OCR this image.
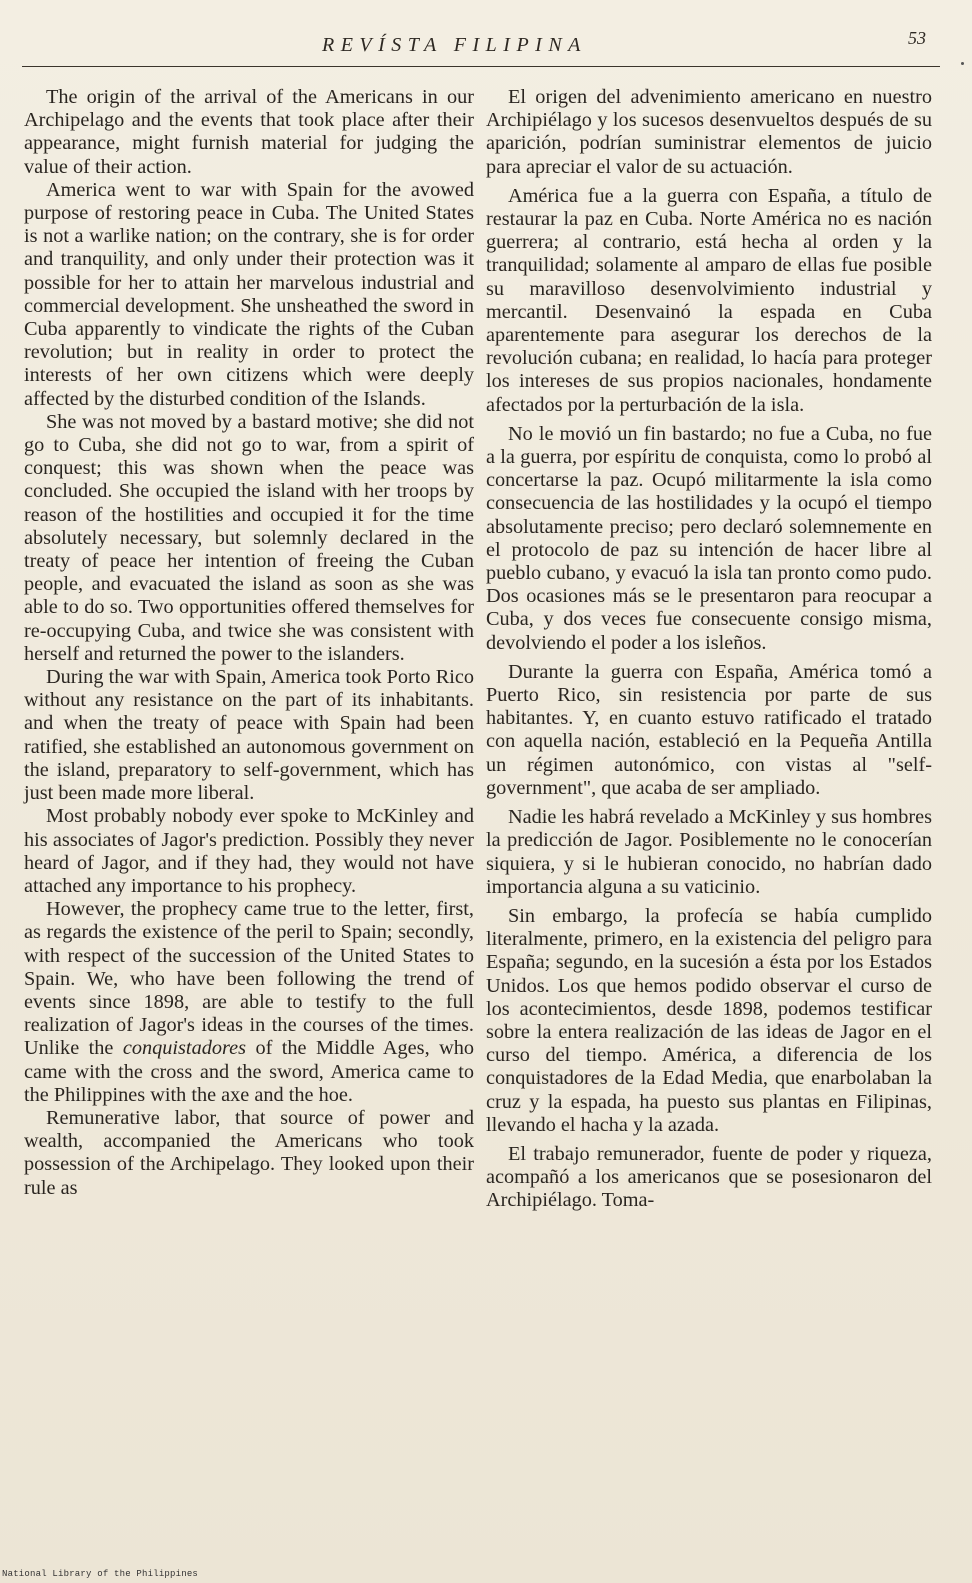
REVÍSTA FILIPINA	53

The origin of the arrival of the Americans in our Archipelago and the events that took place after their appearance, might furnish material for judging the value of their action.

America went to war with Spain for the avowed purpose of restoring peace in Cuba. The United States is not a warlike nation; on the contrary, she is for order and tranquility, and only under their protection was it possible for her to attain her marvelous industrial and commercial development. She unsheathed the sword in Cuba apparently to vindicate the rights of the Cuban revolution; but in reality in order to protect the interests of her own citizens which were deeply affected by the disturbed condition of the Islands.

She was not moved by a bastard motive; she did not go to Cuba, she did not go to war, from a spirit of conquest; this was shown when the peace was concluded. She occupied the island with her troops by reason of the hostilities and occupied it for the time absolutely necessary, but solemnly declared in the treaty of peace her intention of freeing the Cuban people, and evacuated the island as soon as she was able to do so. Two opportunities offered themselves for re-occupying Cuba, and twice she was consistent with herself and returned the power to the islanders.

During the war with Spain, America took Porto Rico without any resistance on the part of its inhabitants. and when the treaty of peace with Spain had been ratified, she established an autonomous government on the island, preparatory to self-government, which has just been made more liberal.

Most probably nobody ever spoke to McKinley and his associates of Jagor's prediction. Possibly they never heard of Jagor, and if they had, they would not have attached any importance to his prophecy.

However, the prophecy came true to the letter, first, as regards the existence of the peril to Spain; secondly, with respect of the succession of the United States to Spain. We, who have been following the trend of events since 1898, are able to testify to the full realization of Jagor's ideas in the courses of the times. Unlike the conquistadores of the Middle Ages, who came with the cross and the sword, America came to the Philippines with the axe and the hoe.

Remunerative labor, that source of power and wealth, accompanied the Americans who took possession of the Archipelago. They looked upon their rule as

El origen del advenimiento americano en nuestro Archipiélago y los sucesos desenvueltos después de su aparición, podrían suministrar elementos de juicio para apreciar el valor de su actuación.

América fue a la guerra con España, a título de restaurar la paz en Cuba. Norte América no es nación guerrera; al contrario, está hecha al orden y la tranquilidad; solamente al amparo de ellas fue posible su maravilloso desenvolvimiento industrial y mercantil. Desenvainó la espada en Cuba aparentemente para asegurar los derechos de la revolución cubana; en realidad, lo hacía para proteger los intereses de sus propios nacionales, hondamente afectados por la perturbación de la isla.

No le movió un fin bastardo; no fue a Cuba, no fue a la guerra, por espíritu de conquista, como lo probó al concertarse la paz. Ocupó militarmente la isla como consecuencia de las hostilidades y la ocupó el tiempo absolutamente preciso; pero declaró solemnemente en el protocolo de paz su intención de hacer libre al pueblo cubano, y evacuó la isla tan pronto como pudo. Dos ocasiones más se le presentaron para reocupar a Cuba, y dos veces fue consecuente consigo misma, devolviendo el poder a los isleños.

Durante la guerra con España, América tomó a Puerto Rico, sin resistencia por parte de sus habitantes. Y, en cuanto estuvo ratificado el tratado con aquella nación, estableció en la Pequeña Antilla un régimen autonómico, con vistas al "self-government", que acaba de ser ampliado.

Nadie les habrá revelado a McKinley y sus hombres la predicción de Jagor. Posiblemente no le conocerían siquiera, y si le hubieran conocido, no habrían dado importancia alguna a su vaticinio.

Sin embargo, la profecía se había cumplido literalmente, primero, en la existencia del peligro para España; segundo, en la sucesión a ésta por los Estados Unidos. Los que hemos podido observar el curso de los acontecimientos, desde 1898, podemos testificar sobre la entera realización de las ideas de Jagor en el curso del tiempo. América, a diferencia de los conquistadores de la Edad Media, que enarbolaban la cruz y la espada, ha puesto sus plantas en Filipinas, llevando el hacha y la azada.

El trabajo remunerador, fuente de poder y riqueza, acompañó a los americanos que se posesionaron del Archipiélago. Toma-

National Library of the Philippines
